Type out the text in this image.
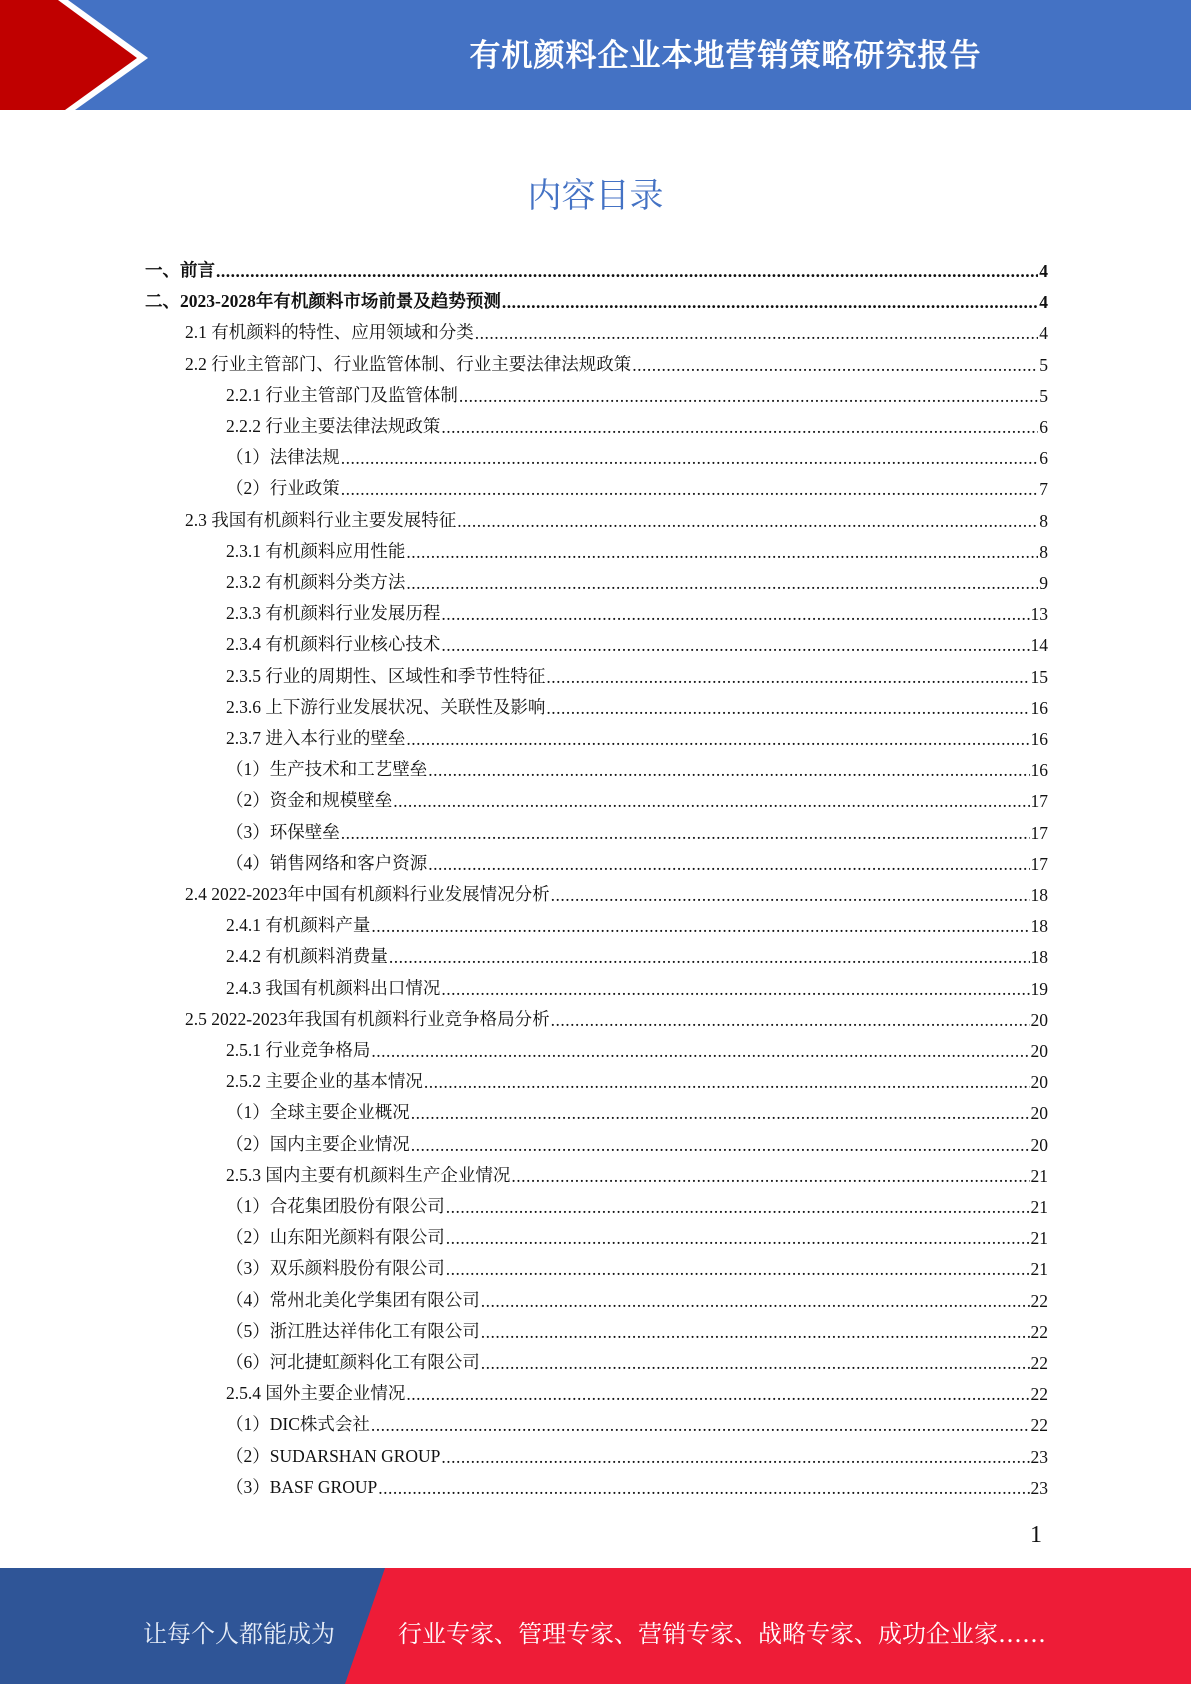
有机颜料企业本地营销策略研究报告
内容目录
一、前言 .....	4
二、2023-2028年有机颜料市场前景及趋势预测 .....	4
2.1 有机颜料的特性、应用领域和分类 .....	4
2.2 行业主管部门、行业监管体制、行业主要法律法规政策 .....	5
2.2.1 行业主管部门及监管体制 .....	5
2.2.2 行业主要法律法规政策 .....	6
（1）法律法规 .....	6
（2）行业政策 .....	7
2.3 我国有机颜料行业主要发展特征 .....	8
2.3.1 有机颜料应用性能 .....	8
2.3.2 有机颜料分类方法 .....	9
2.3.3 有机颜料行业发展历程 .....	13
2.3.4 有机颜料行业核心技术 .....	14
2.3.5 行业的周期性、区域性和季节性特征 .....	15
2.3.6 上下游行业发展状况、关联性及影响 .....	16
2.3.7 进入本行业的壁垒 .....	16
（1）生产技术和工艺壁垒 .....	16
（2）资金和规模壁垒 .....	17
（3）环保壁垒 .....	17
（4）销售网络和客户资源 .....	17
2.4 2022-2023年中国有机颜料行业发展情况分析 .....	18
2.4.1 有机颜料产量 .....	18
2.4.2 有机颜料消费量 .....	18
2.4.3 我国有机颜料出口情况 .....	19
2.5 2022-2023年我国有机颜料行业竞争格局分析 .....	20
2.5.1 行业竞争格局 .....	20
2.5.2 主要企业的基本情况 .....	20
（1）全球主要企业概况 .....	20
（2）国内主要企业情况 .....	20
2.5.3 国内主要有机颜料生产企业情况 .....	21
（1）合花集团股份有限公司 .....	21
（2）山东阳光颜料有限公司 .....	21
（3）双乐颜料股份有限公司 .....	21
（4）常州北美化学集团有限公司 .....	22
（5）浙江胜达祥伟化工有限公司 .....	22
（6）河北捷虹颜料化工有限公司 .....	22
2.5.4 国外主要企业情况 .....	22
（1）DIC株式会社 .....	22
（2）SUDARSHAN GROUP .....	23
（3）BASF GROUP .....	23
1
让每个人都能成为	行业专家、管理专家、营销专家、战略专家、成功企业家……
